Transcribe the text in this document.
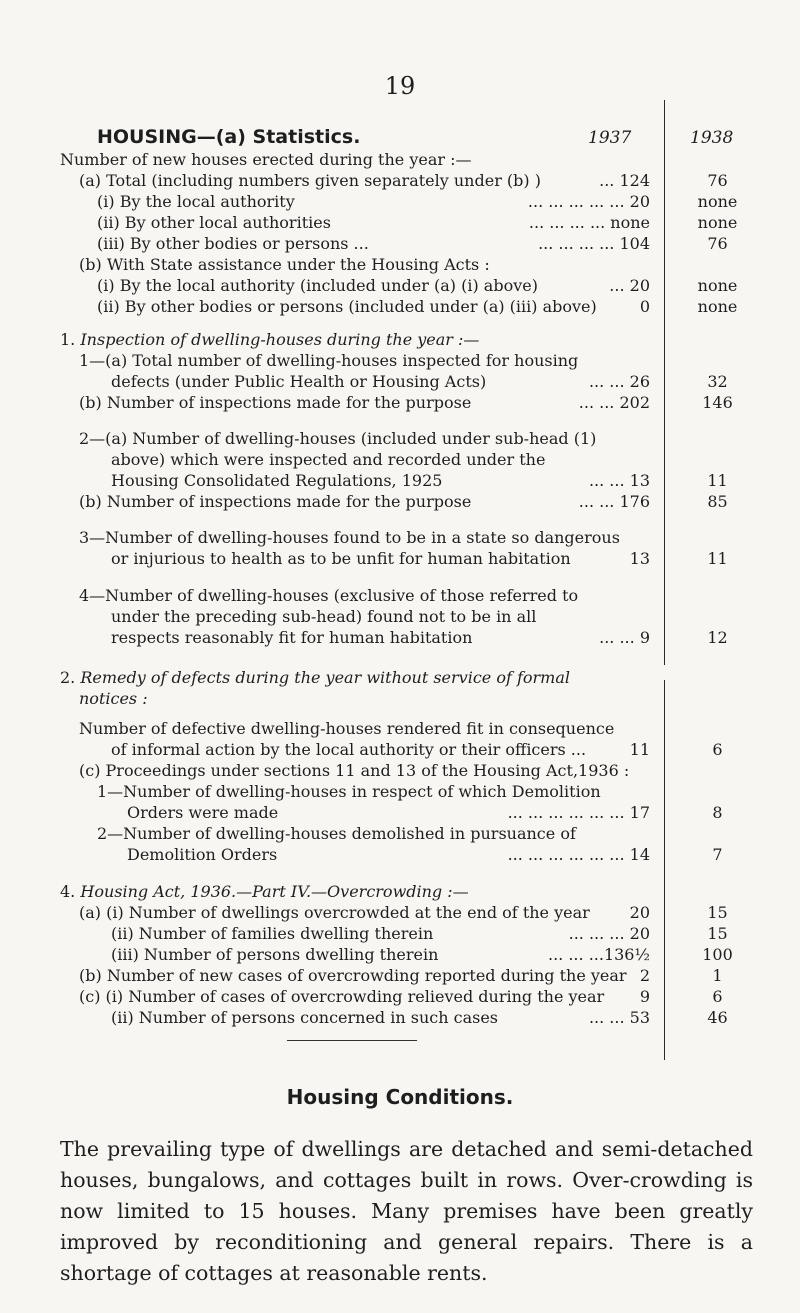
19
HOUSING—(a) Statistics.	1937	1938
Number of new houses erected during the year :—
(a) Total (including numbers given separately under (b) )	... 124	76
(i) By the local authority	... ... ... ... ... 20	none
(ii) By other local authorities	... ... ... ... none	none
(iii) By other bodies or persons ...	... ... ... ... 104	76
(b) With State assistance under the Housing Acts :
(i) By the local authority (included under (a) (i) above)	... 20	none
(ii) By other bodies or persons (included under (a) (iii) above)	0	none
1. Inspection of dwelling-houses during the year :—
1—(a) Total number of dwelling-houses inspected for housing
defects (under Public Health or Housing Acts)	... ... 26	32
(b) Number of inspections made for the purpose	... ... 202	146
2—(a) Number of dwelling-houses (included under sub-head (1)
above) which were inspected and recorded under the
Housing Consolidated Regulations, 1925	... ... 13	11
(b) Number of inspections made for the purpose	... ... 176	85
3—Number of dwelling-houses found to be in a state so dangerous
or injurious to health as to be unfit for human habitation	13	11
4—Number of dwelling-houses (exclusive of those referred to
under the preceding sub-head) found not to be in all
respects reasonably fit for human habitation	... ... 9	12
2. Remedy of defects during the year without service of formal
notices :
Number of defective dwelling-houses rendered fit in consequence
of informal action by the local authority or their officers ...	11	6
(c) Proceedings under sections 11 and 13 of the Housing Act,1936 :
1—Number of dwelling-houses in respect of which Demolition
Orders were made	... ... ... ... ... ... 17	8
2—Number of dwelling-houses demolished in pursuance of
Demolition Orders	... ... ... ... ... ... 14	7
4. Housing Act, 1936.—Part IV.—Overcrowding :—
(a) (i) Number of dwellings overcrowded at the end of the year 20	15
(ii) Number of families dwelling therein	... ... ... 20	15
(iii) Number of persons dwelling therein	... ... ...136½	100
(b) Number of new cases of overcrowding reported during the year 2	1
(c) (i) Number of cases of overcrowding relieved during the year 9	6
(ii) Number of persons concerned in such cases	... ... 53	46
Housing Conditions.
The prevailing type of dwellings are detached and semi-detached houses, bungalows, and cottages built in rows. Over-crowding is now limited to 15 houses. Many premises have been greatly improved by reconditioning and general repairs. There is a shortage of cottages at reasonable rents.
